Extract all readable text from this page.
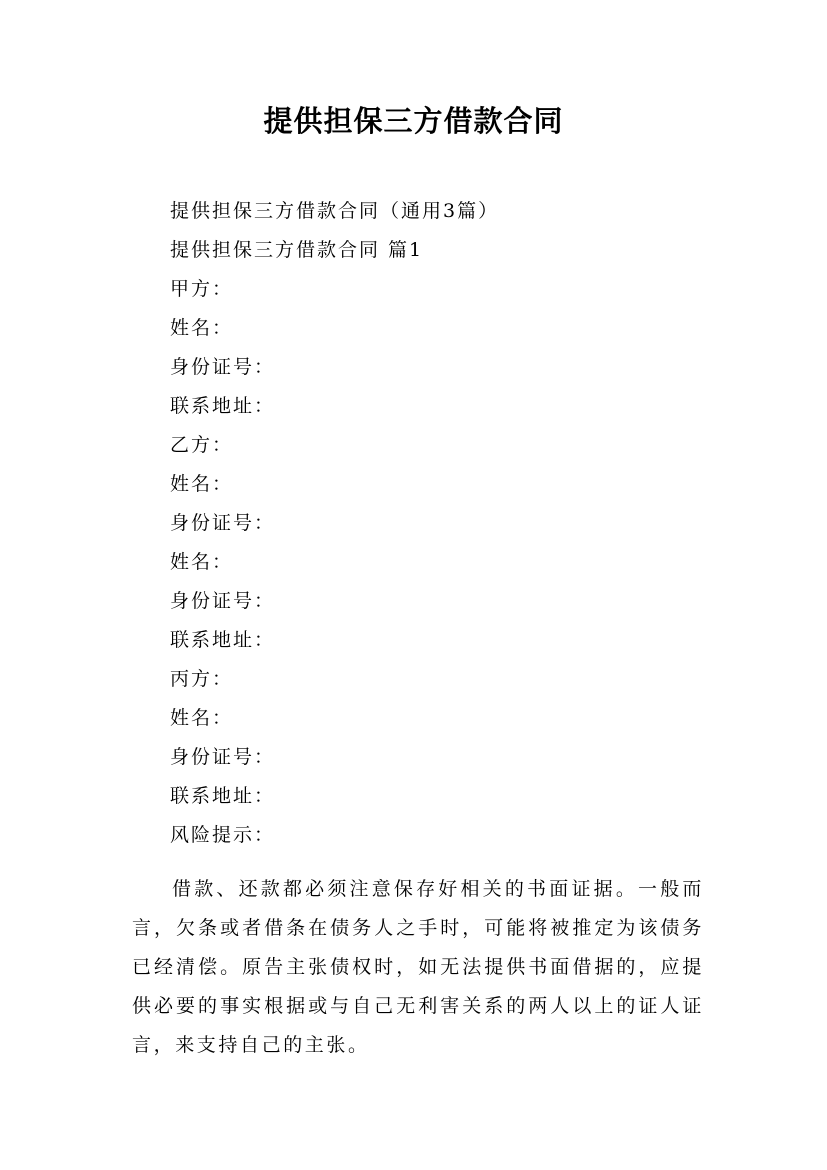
提供担保三方借款合同
提供担保三方借款合同（通用3篇）
提供担保三方借款合同 篇1
甲方：
姓名：
身份证号：
联系地址：
乙方：
姓名：
身份证号：
姓名：
身份证号：
联系地址：
丙方：
姓名：
身份证号：
联系地址：
风险提示：

借款、还款都必须注意保存好相关的书面证据。一般而言，欠条或者借条在债务人之手时，可能将被推定为该债务已经清偿。原告主张债权时，如无法提供书面借据的，应提供必要的事实根据或与自己无利害关系的两人以上的证人证言，来支持自己的主张。
